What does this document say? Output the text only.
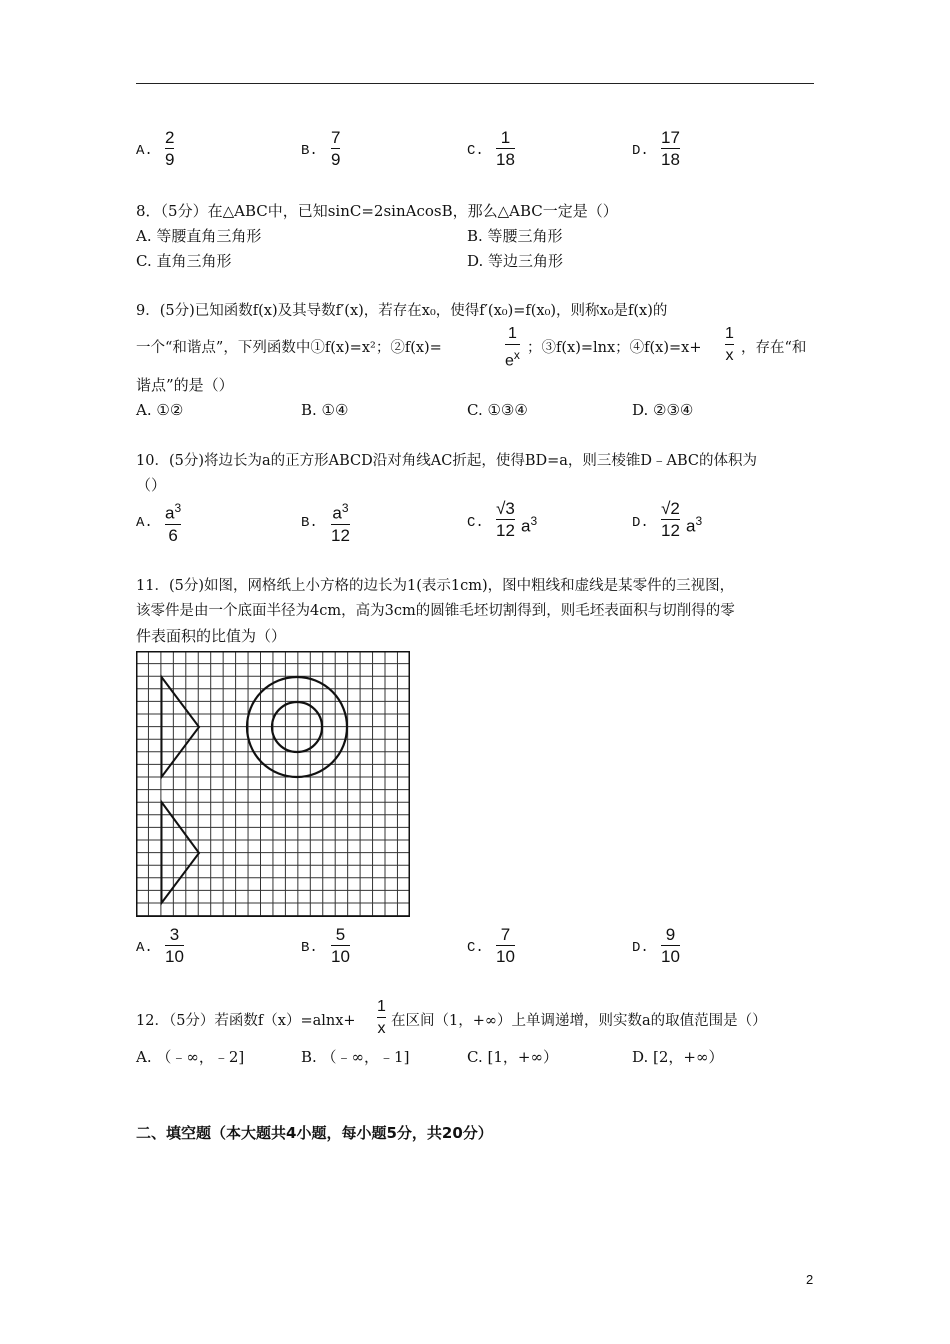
A.
2
9	B.
7
9	C.
1
18	D.
17
18
8．（5分）在△ABC中，已知sinC=2sinAcosB，那么△ABC一定是（）
A. 等腰直角三角形	B. 等腰三角形
C. 直角三角形	D. 等边三角形
9．(5分)已知函数f(x)及其导数f′(x)，若存在x₀，使得f′(x₀)=f(x₀)，则称x₀是f(x)的
一个“和谐点”，下列函数中①f(x)=x²；②f(x)=
1
$e^x$ ；③f(x)=lnx；④f(x)=x+
1
x ，存在“和
谐点”的是（）
A. ①②	B. ①④	C. ①③④	D. ②③④
10．(5分)将边长为a的正方形ABCD沿对角线AC折起，使得BD=a，则三棱锥D﹣ABC的体积为
（）
A.
$a^3$
6
B.
$a^3$
12
C.
√3
12 $a^3$	D.
√2
12 $a^3$
11．(5分)如图，网格纸上小方格的边长为1(表示1cm)，图中粗线和虚线是某零件的三视图，
该零件是由一个底面半径为4cm，高为3cm的圆锥毛坯切割得到，则毛坯表面积与切削得的零
件表面积的比值为（）
A.
3
10	B.
5
10	C.
7
10	D.
9
10
12．（5分）若函数f（x）=alnx+
1
x 在区间（1，+∞）上单调递增，则实数a的取值范围是（）
A. （﹣∞，﹣2]	B. （﹣∞，﹣1]	C. [1，+∞）	D. [2，+∞）
二、填空题（本大题共4小题，每小题5分，共20分）
2
